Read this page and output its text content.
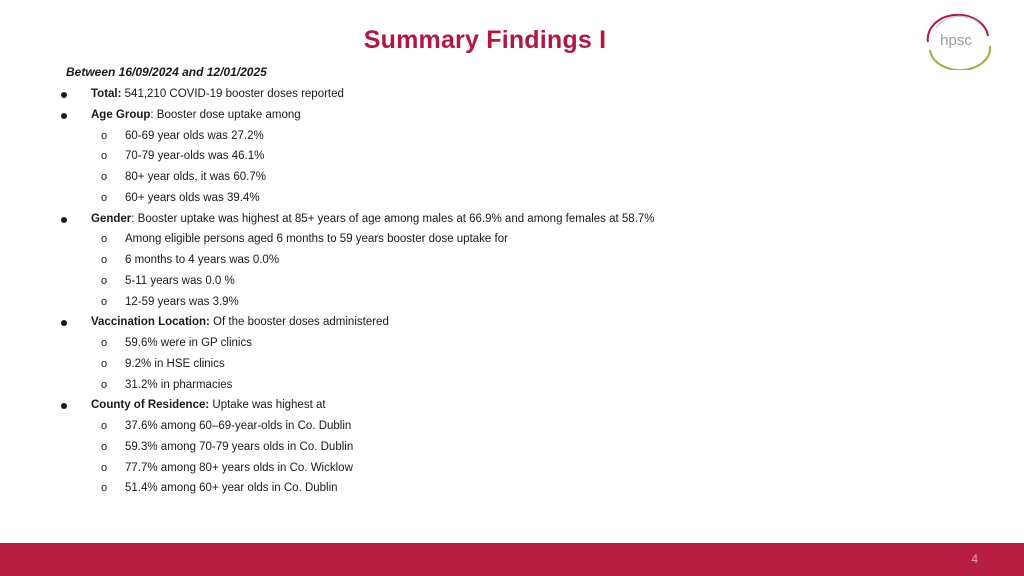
Summary Findings I	hpsc
Between 16/09/2024 and 12/01/2025
Total: 541,210 COVID-19 booster doses reported
Age Group: Booster dose uptake among
o 60-69 year olds was 27.2%
o 70-79 year-olds was 46.1%
o 80+ year olds, it was 60.7%
o 60+ years olds was 39.4%
Gender: Booster uptake was highest at 85+ years of age among males at 66.9% and among females at 58.7%
o Among eligible persons aged 6 months to 59 years booster dose uptake for
o 6 months to 4 years was 0.0%
o 5-11 years was 0.0 %
o 12-59 years was 3.9%
Vaccination Location: Of the booster doses administered
o 59.6% were in GP clinics
o 9.2% in HSE clinics
o 31.2% in pharmacies
County of Residence: Uptake was highest at
o 37.6% among 60–69-year-olds in Co. Dublin
o 59.3% among 70-79 years olds in Co. Dublin
o 77.7% among 80+ years olds in Co. Wicklow
o 51.4% among 60+ year olds in Co. Dublin
4
